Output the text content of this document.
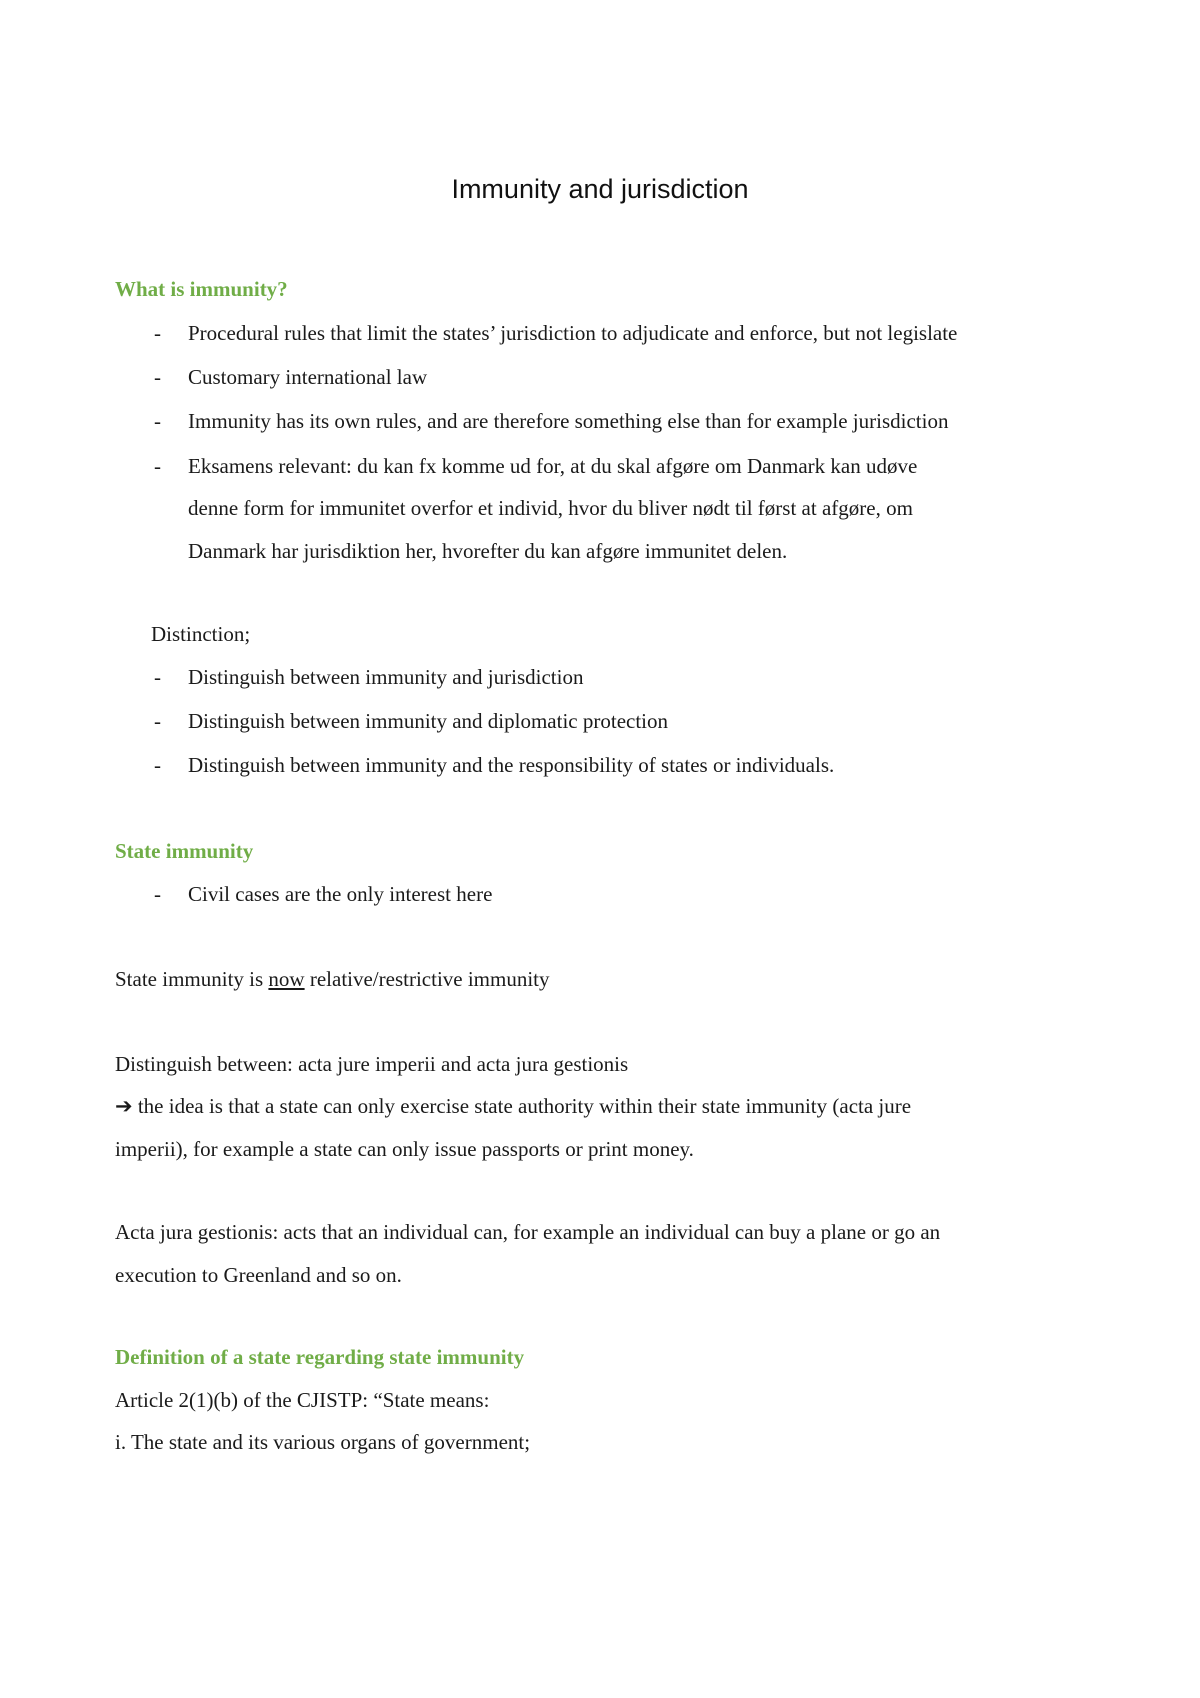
Immunity and jurisdiction
What is immunity?
- Procedural rules that limit the states’ jurisdiction to adjudicate and enforce, but not legislate
- Customary international law
- Immunity has its own rules, and are therefore something else than for example jurisdiction
- Eksamens relevant: du kan fx komme ud for, at du skal afgøre om Danmark kan udøve
denne form for immunitet overfor et individ, hvor du bliver nødt til først at afgøre, om
Danmark har jurisdiktion her, hvorefter du kan afgøre immunitet delen.
Distinction;
- Distinguish between immunity and jurisdiction
- Distinguish between immunity and diplomatic protection
- Distinguish between immunity and the responsibility of states or individuals.
State immunity
- Civil cases are the only interest here
State immunity is now relative/restrictive immunity
Distinguish between: acta jure imperii and acta jura gestionis
➔ the idea is that a state can only exercise state authority within their state immunity (acta jure
imperii), for example a state can only issue passports or print money.
Acta jura gestionis: acts that an individual can, for example an individual can buy a plane or go an
execution to Greenland and so on.
Definition of a state regarding state immunity
Article 2(1)(b) of the CJISTP: “State means:
i. The state and its various organs of government;
